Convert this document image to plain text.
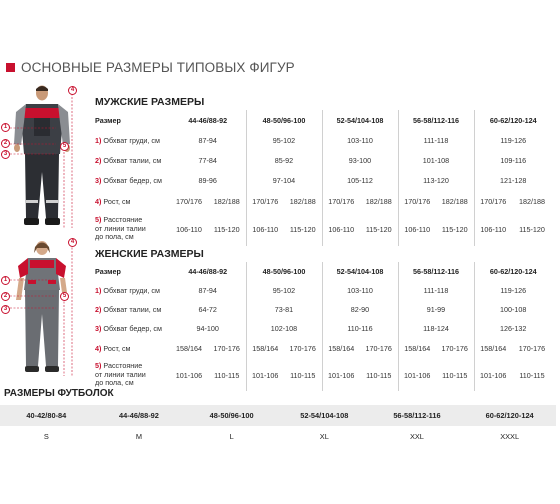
ОСНОВНЫЕ РАЗМЕРЫ ТИПОВЫХ ФИГУР
1
2
3
4
5
1
2
3
4
5
МУЖСКИЕ РАЗМЕРЫ
Размер	44-46/88-92		48-50/96-100		52-54/104-108		56-58/112-116		60-62/120-124	
1) Обхват груди, см	87-94		95-102		103-110		111-118		119-126	
2) Обхват талии, см	77-84		85-92		93-100		101-108		109-116	
3) Обхват бедер, см	89-96		97-104		105-112		113-120		121-128	
4) Рост, см	170/176	182/188	170/176	182/188	170/176	182/188	170/176	182/188	170/176	182/188
5) Расстояние
от линии талии
до пола, см	106-110	115-120	106-110	115-120	106-110	115-120	106-110	115-120	106-110	115-120
ЖЕНСКИЕ РАЗМЕРЫ
Размер	44-46/88-92		48-50/96-100		52-54/104-108		56-58/112-116		60-62/120-124	
1) Обхват груди, см	87-94		95-102		103-110		111-118		119-126	
2) Обхват талии, см	64-72		73-81		82-90		91-99		100-108	
3) Обхват бедер, см	94-100		102-108		110-116		118-124		126-132	
4) Рост, см	158/164	170-176	158/164	170-176	158/164	170-176	158/164	170-176	158/164	170-176
5) Расстояние
от линии талии
до пола, см	101-106	110-115	101-106	110-115	101-106	110-115	101-106	110-115	101-106	110-115
РАЗМЕРЫ ФУТБОЛОК
40-42/80-84	44-46/88-92	48-50/96-100	52-54/104-108	56-58/112-116	60-62/120-124
S	M	L	XL	XXL	XXXL
